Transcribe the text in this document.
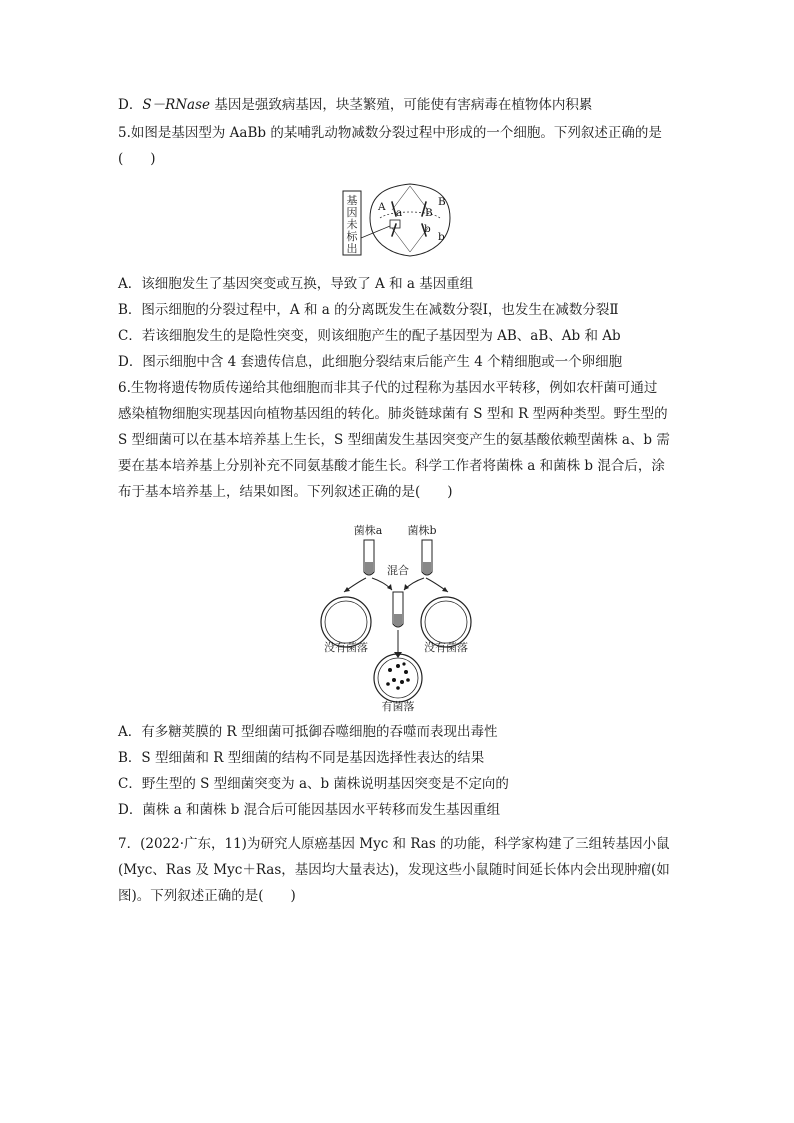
D．S－RNase 基因是强致病基因，块茎繁殖，可能使有害病毒在植物体内积累
5.如图是基因型为 AaBb 的某哺乳动物减数分裂过程中形成的一个细胞。下列叙述正确的是
(　　)
基
因
未
标
出
A a
B
B
b
b
A．该细胞发生了基因突变或互换，导致了 A 和 a 基因重组
B．图示细胞的分裂过程中，A 和 a 的分离既发生在减数分裂Ⅰ，也发生在减数分裂Ⅱ
C．若该细胞发生的是隐性突变，则该细胞产生的配子基因型为 AB、aB、Ab 和 Ab
D．图示细胞中含 4 套遗传信息，此细胞分裂结束后能产生 4 个精细胞或一个卵细胞
6.生物将遗传物质传递给其他细胞而非其子代的过程称为基因水平转移，例如农杆菌可通过
感染植物细胞实现基因向植物基因组的转化。肺炎链球菌有 S 型和 R 型两种类型。野生型的
S 型细菌可以在基本培养基上生长，S 型细菌发生基因突变产生的氨基酸依赖型菌株 a、b 需
要在基本培养基上分别补充不同氨基酸才能生长。科学工作者将菌株 a 和菌株 b 混合后，涂
布于基本培养基上，结果如图。下列叙述正确的是(　　)
菌株a 菌株b
混合
没有菌落	没有菌落
有菌落
A．有多糖荚膜的 R 型细菌可抵御吞噬细胞的吞噬而表现出毒性
B．S 型细菌和 R 型细菌的结构不同是基因选择性表达的结果
C．野生型的 S 型细菌突变为 a、b 菌株说明基因突变是不定向的
D．菌株 a 和菌株 b 混合后可能因基因水平转移而发生基因重组
7．(2022·广东，11)为研究人原癌基因 Myc 和 Ras 的功能，科学家构建了三组转基因小鼠
(Myc、Ras 及 Myc＋Ras，基因均大量表达)，发现这些小鼠随时间延长体内会出现肿瘤(如
图)。下列叙述正确的是(　　)
